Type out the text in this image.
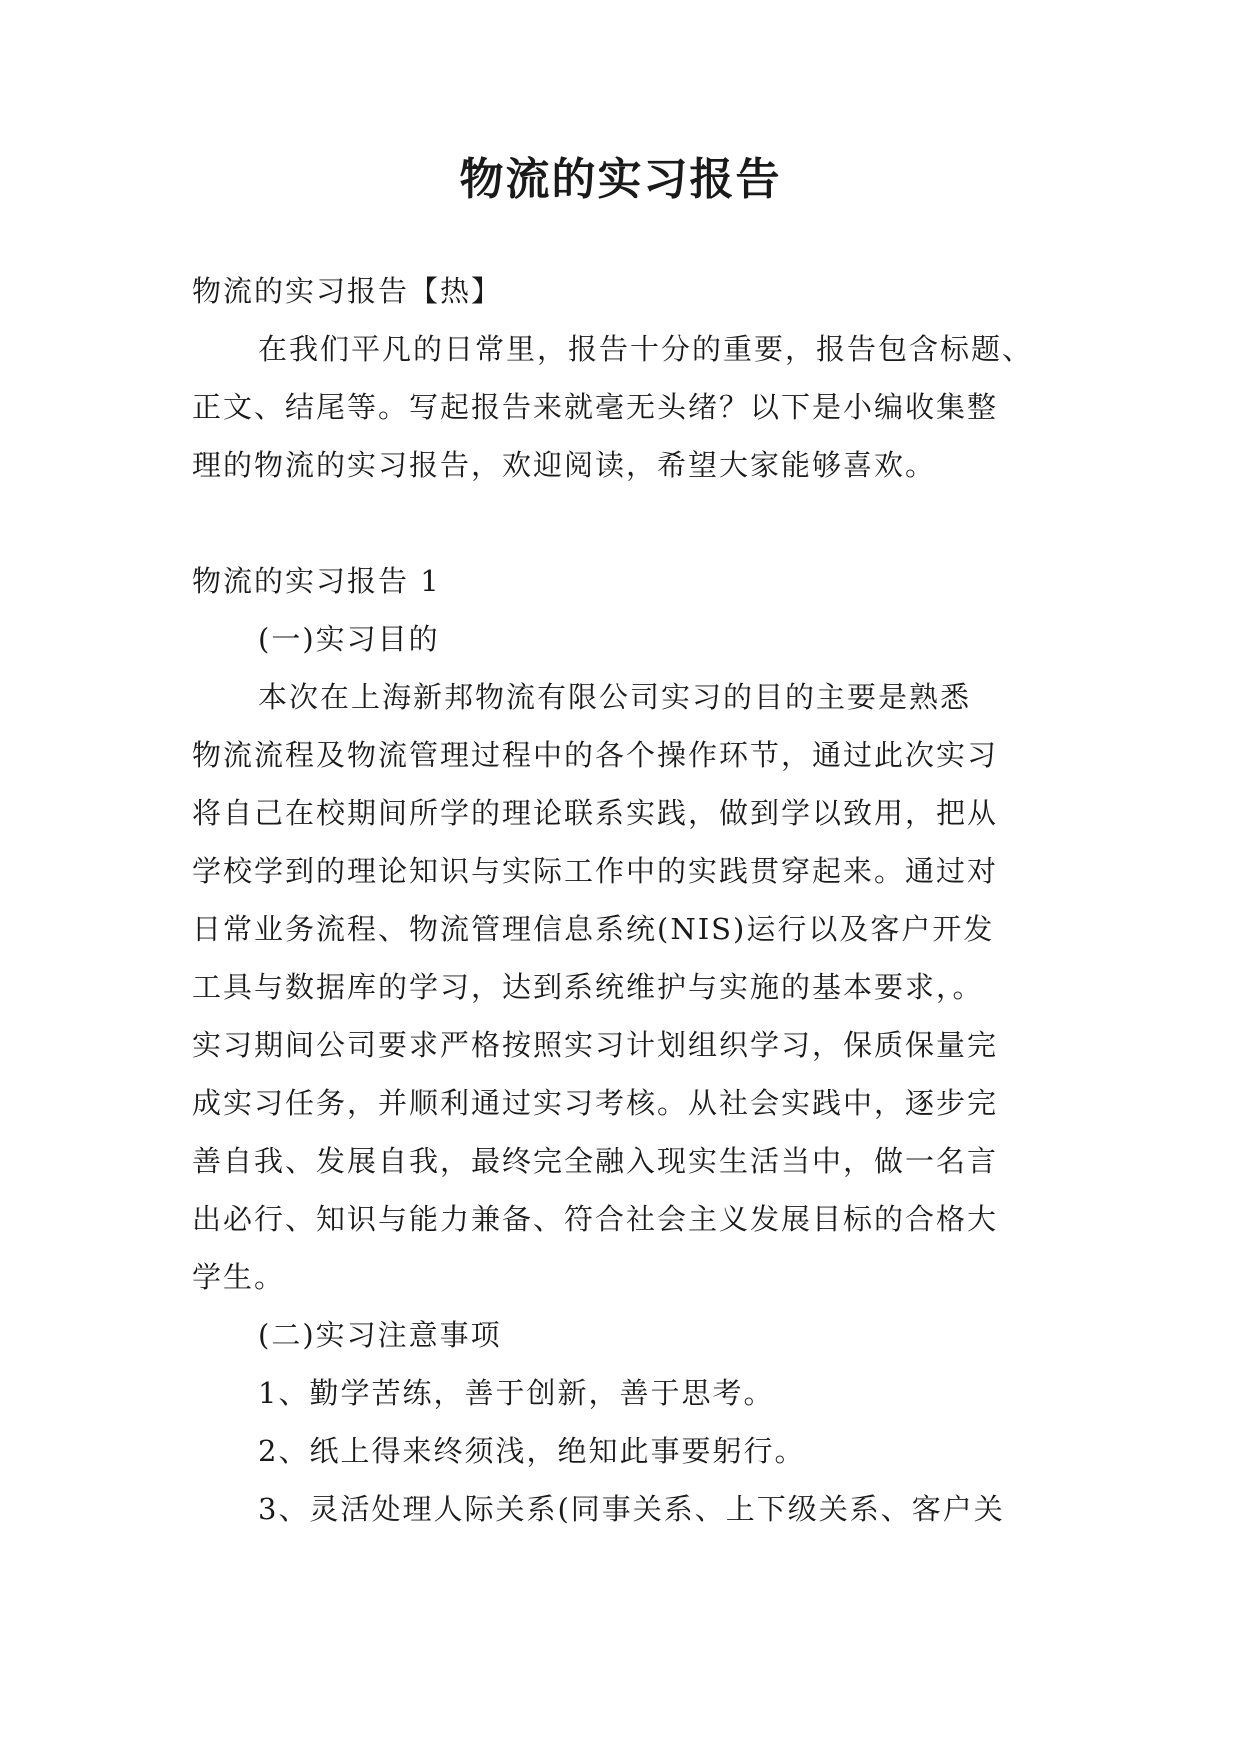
物流的实习报告
物流的实习报告【热】
在我们平凡的日常里，报告十分的重要，报告包含标题、
正文、结尾等。写起报告来就毫无头绪？以下是小编收集整
理的物流的实习报告，欢迎阅读，希望大家能够喜欢。
物流的实习报告 1
(一)实习目的
本次在上海新邦物流有限公司实习的目的主要是熟悉
物流流程及物流管理过程中的各个操作环节，通过此次实习
将自己在校期间所学的理论联系实践，做到学以致用，把从
学校学到的理论知识与实际工作中的实践贯穿起来。通过对
日常业务流程、物流管理信息系统(NIS)运行以及客户开发
工具与数据库的学习，达到系统维护与实施的基本要求，。
实习期间公司要求严格按照实习计划组织学习，保质保量完
成实习任务，并顺利通过实习考核。从社会实践中，逐步完
善自我、发展自我，最终完全融入现实生活当中，做一名言
出必行、知识与能力兼备、符合社会主义发展目标的合格大
学生。
(二)实习注意事项
1、勤学苦练，善于创新，善于思考。
2、纸上得来终须浅，绝知此事要躬行。
3、灵活处理人际关系(同事关系、上下级关系、客户关
